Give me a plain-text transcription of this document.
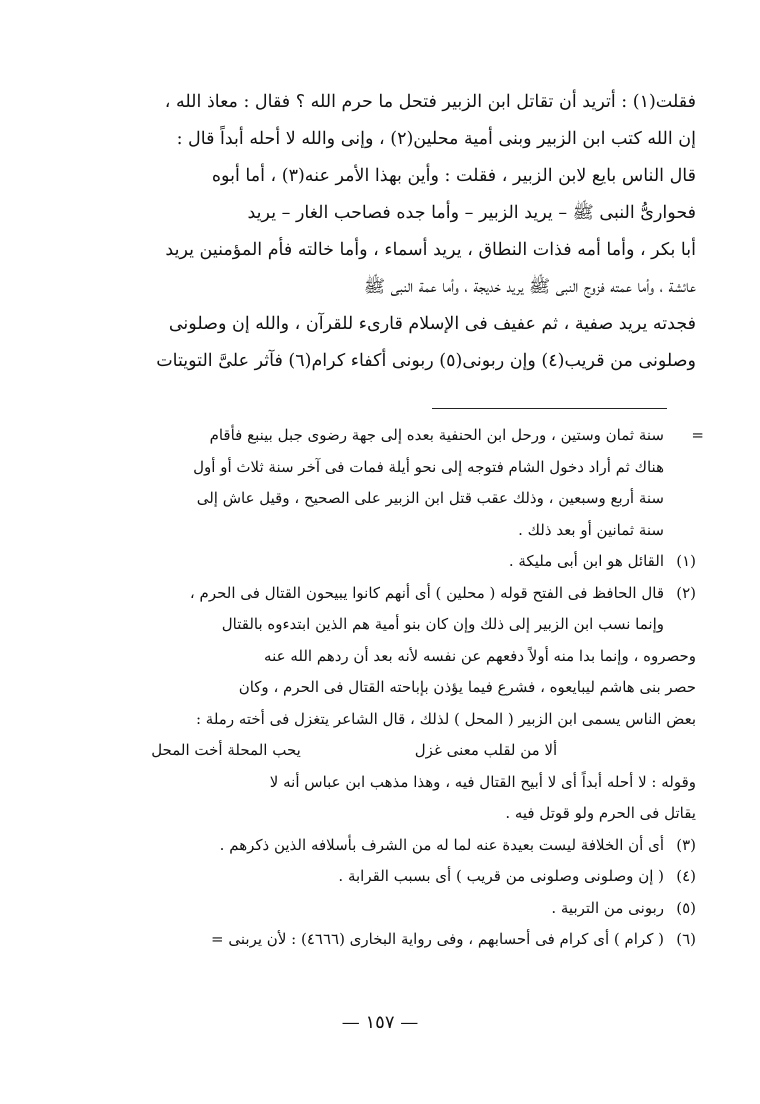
فقلت(١) : أتريد أن تقاتل ابن الزبير فتحل ما حرم الله ؟ فقال : معاذ الله ،
إن الله كتب ابن الزبير وبنى أمية محلين(٢) ، وإنى والله لا أحله أبداً قال :
قال الناس بايع لابن الزبير ، فقلت : وأين بهذا الأمر عنه(٣) ، أما أبوه
فحوارىُّ النبى ﷺ – يريد الزبير – وأما جده فصاحب الغار – يريد
أبا بكر ، وأما أمه فذات النطاق ، يريد أسماء ، وأما خالته فأم المؤمنين يريد
عائشة ، وأما عمته فزوج النبى ﷺ يريد خديجة ، وأما عمة النبى ﷺ
فجدته يريد صفية ، ثم عفيف فى الإسلام قارىء للقرآن ، والله إن وصلونى
وصلونى من قريب(٤) وإن ربونى(٥) ربونى أكفاء كرام(٦) فآثر علىَّ التويتات
=
سنة ثمان وستين ، ورحل ابن الحنفية بعده إلى جهة رضوى جبل بينبع فأقام
هناك ثم أراد دخول الشام فتوجه إلى نحو أيلة فمات فى آخر سنة ثلاث أو أول
سنة أربع وسبعين ، وذلك عقب قتل ابن الزبير على الصحيح ، وقيل عاش إلى
سنة ثمانين أو بعد ذلك .
(١)القائل هو ابن أبى مليكة .
(٢)قال الحافظ فى الفتح قوله ( محلين ) أى أنهم كانوا يبيحون القتال فى الحرم ،
وإنما نسب ابن الزبير إلى ذلك وإن كان بنو أمية هم الذين ابتدءوه بالقتال
وحصروه ، وإنما بدا منه أولاً دفعهم عن نفسه لأنه بعد أن ردهم الله عنه
حصر بنى هاشم ليبايعوه ، فشرع فيما يؤذن بإباحته القتال فى الحرم ، وكان
بعض الناس يسمى ابن الزبير ( المحل ) لذلك ، قال الشاعر يتغزل فى أخته رملة :
ألا من لقلب معنى غزليحب المحلة أخت المحل
وقوله : لا أحله أبداً أى لا أبيح القتال فيه ، وهذا مذهب ابن عباس أنه لا
يقاتل فى الحرم ولو قوتل فيه .
(٣)أى أن الخلافة ليست بعيدة عنه لما له من الشرف بأسلافه الذين ذكرهم .
(٤)( إن وصلونى وصلونى من قريب ) أى بسبب القرابة .
(٥)ربونى من التربية .
(٦)( كرام ) أى كرام فى أحسابهم ، وفى رواية البخارى (٤٦٦٦) : لأن يربنى =
— ١٥٧ —
